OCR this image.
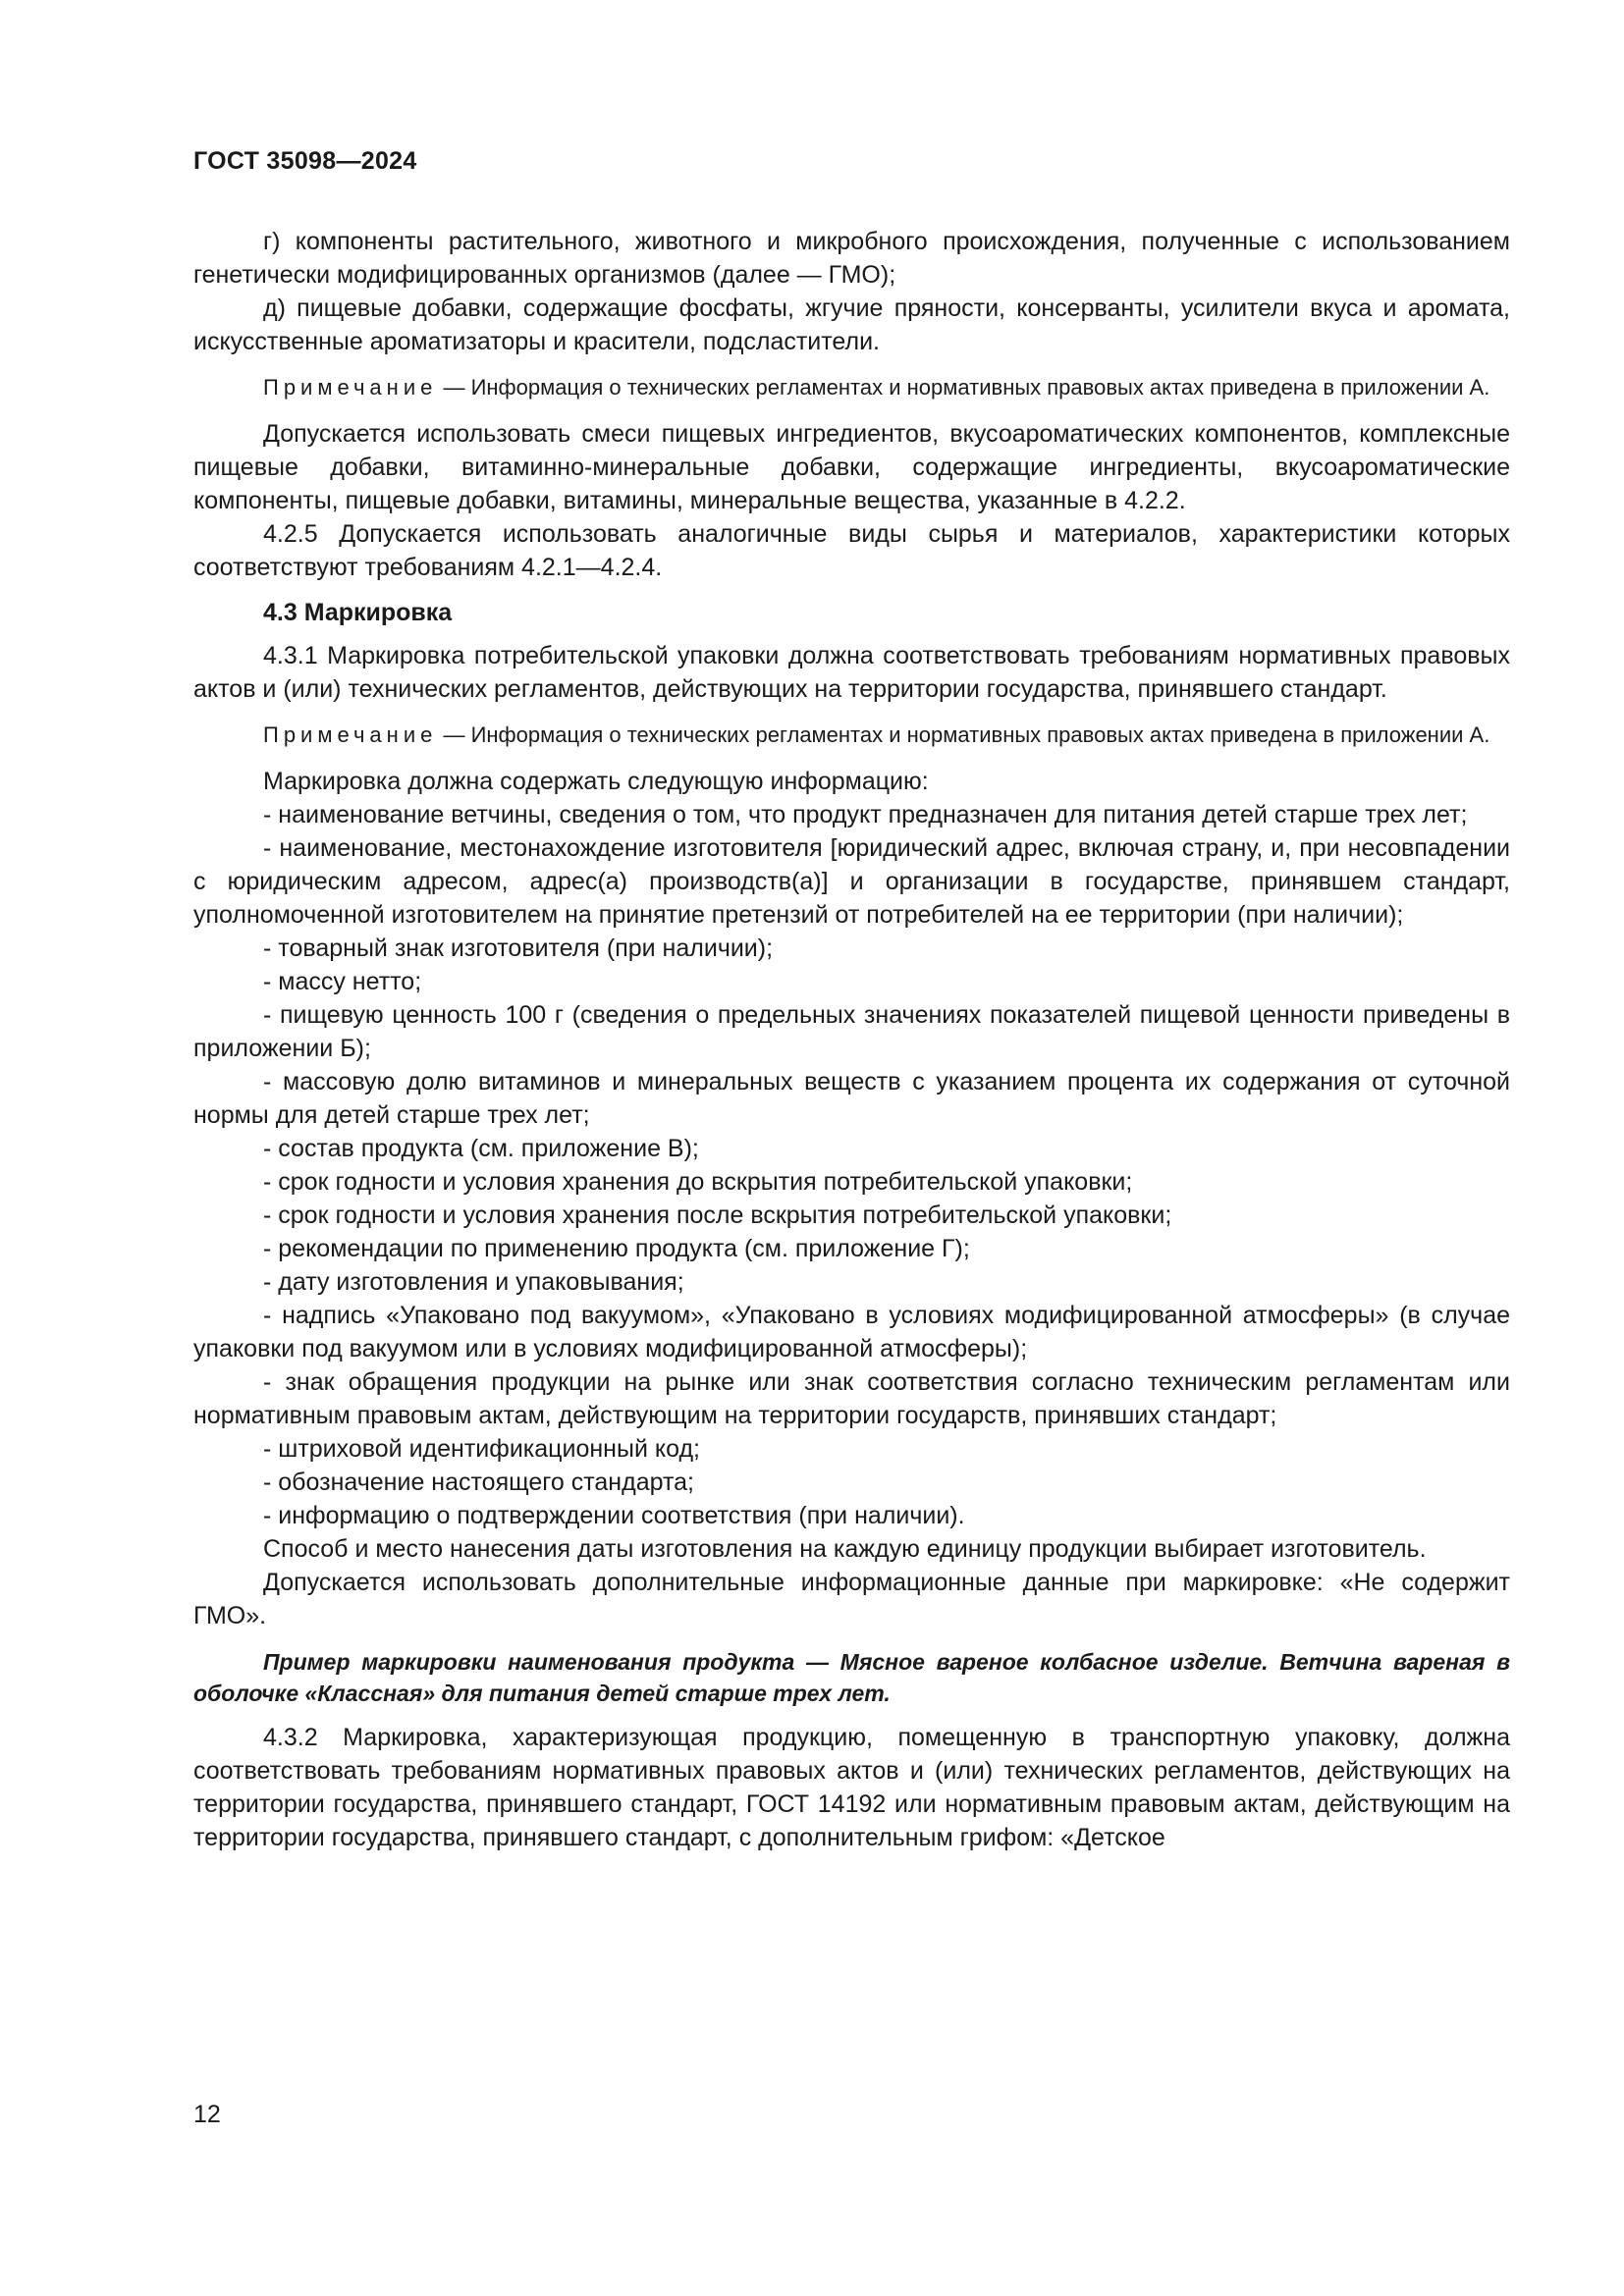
ГОСТ 35098—2024

г) компоненты растительного, животного и микробного происхождения, полученные с использованием генетически модифицированных организмов (далее — ГМО);

д) пищевые добавки, содержащие фосфаты, жгучие пряности, консерванты, усилители вкуса и аромата, искусственные ароматизаторы и красители, подсластители.

Примечание — Информация о технических регламентах и нормативных правовых актах приведена в приложении А.

Допускается использовать смеси пищевых ингредиентов, вкусоароматических компонентов, комплексные пищевые добавки, витаминно-минеральные добавки, содержащие ингредиенты, вкусоароматические компоненты, пищевые добавки, витамины, минеральные вещества, указанные в 4.2.2.

4.2.5 Допускается использовать аналогичные виды сырья и материалов, характеристики которых соответствуют требованиям 4.2.1—4.2.4.

4.3 Маркировка

4.3.1 Маркировка потребительской упаковки должна соответствовать требованиям нормативных правовых актов и (или) технических регламентов, действующих на территории государства, принявшего стандарт.

Примечание — Информация о технических регламентах и нормативных правовых актах приведена в приложении А.

Маркировка должна содержать следующую информацию:

- наименование ветчины, сведения о том, что продукт предназначен для питания детей старше трех лет;

- наименование, местонахождение изготовителя [юридический адрес, включая страну, и, при несовпадении с юридическим адресом, адрес(а) производств(а)] и организации в государстве, принявшем стандарт, уполномоченной изготовителем на принятие претензий от потребителей на ее территории (при наличии);

- товарный знак изготовителя (при наличии);

- массу нетто;

- пищевую ценность 100 г (сведения о предельных значениях показателей пищевой ценности приведены в приложении Б);

- массовую долю витаминов и минеральных веществ с указанием процента их содержания от суточной нормы для детей старше трех лет;

- состав продукта (см. приложение В);

- срок годности и условия хранения до вскрытия потребительской упаковки;

- срок годности и условия хранения после вскрытия потребительской упаковки;

- рекомендации по применению продукта (см. приложение Г);

- дату изготовления и упаковывания;

- надпись «Упаковано под вакуумом», «Упаковано в условиях модифицированной атмосферы» (в случае упаковки под вакуумом или в условиях модифицированной атмосферы);

- знак обращения продукции на рынке или знак соответствия согласно техническим регламентам или нормативным правовым актам, действующим на территории государств, принявших стандарт;

- штриховой идентификационный код;

- обозначение настоящего стандарта;

- информацию о подтверждении соответствия (при наличии).

Способ и место нанесения даты изготовления на каждую единицу продукции выбирает изготовитель.

Допускается использовать дополнительные информационные данные при маркировке: «Не содержит ГМО».

Пример маркировки наименования продукта — Мясное вареное колбасное изделие. Ветчина вареная в оболочке «Классная» для питания детей старше трех лет.

4.3.2 Маркировка, характеризующая продукцию, помещенную в транспортную упаковку, должна соответствовать требованиям нормативных правовых актов и (или) технических регламентов, действующих на территории государства, принявшего стандарт, ГОСТ 14192 или нормативным правовым актам, действующим на территории государства, принявшего стандарт, с дополнительным грифом: «Детское

12
